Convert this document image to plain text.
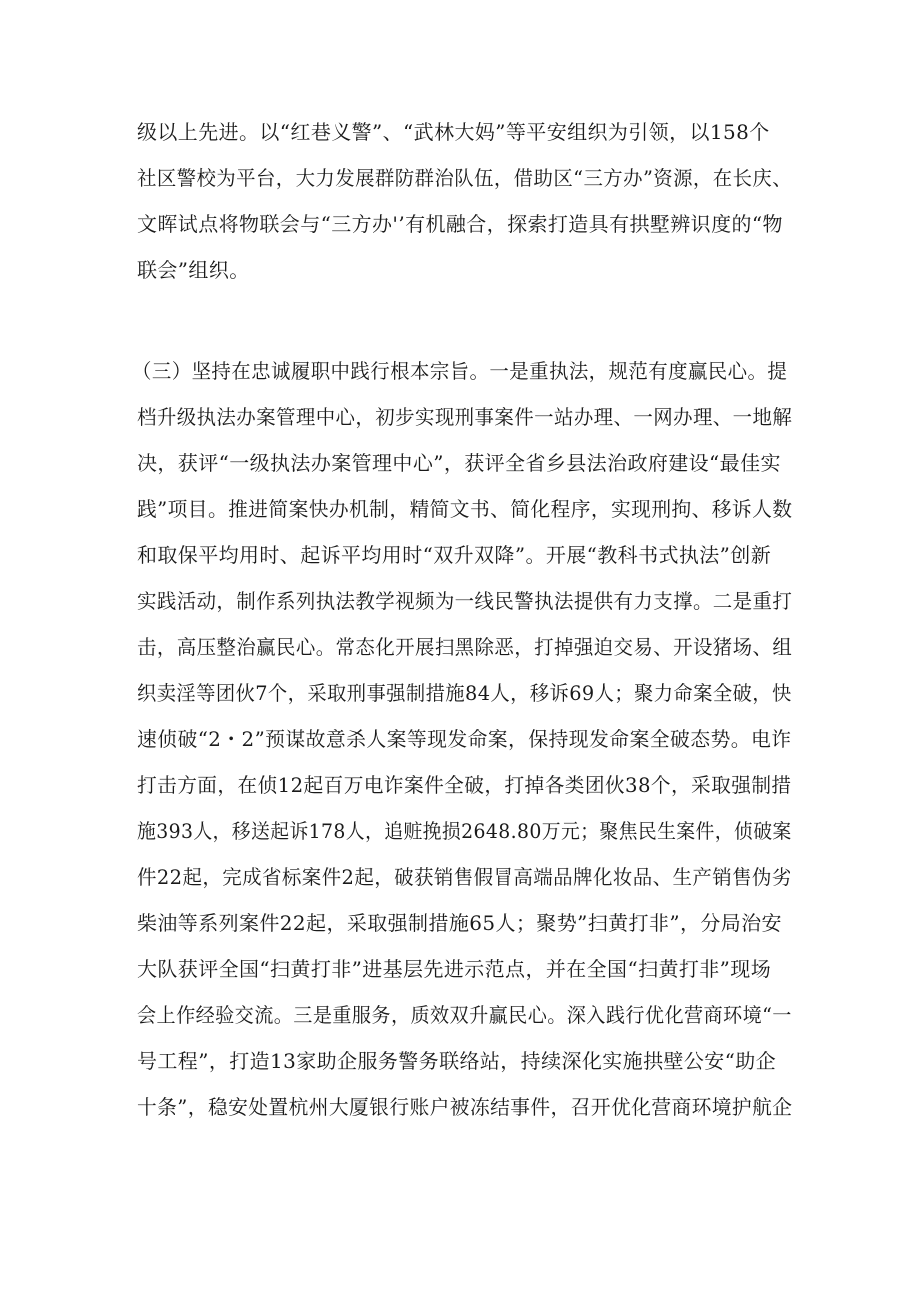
级以上先进。以“红巷义警”、“武林大妈”等平安组织为引领，以158个
社区警校为平台，大力发展群防群治队伍，借助区“三方办”资源，在长庆、
文晖试点将物联会与“三方办'’有机融合，探索打造具有拱墅辨识度的“物
联会”组织。
（三）坚持在忠诚履职中践行根本宗旨。一是重执法，规范有度赢民心。提
档升级执法办案管理中心，初步实现刑事案件一站办理、一网办理、一地解
决，获评“一级执法办案管理中心”，获评全省乡县法治政府建设“最佳实
践”项目。推进简案快办机制，精简文书、简化程序，实现刑拘、移诉人数
和取保平均用时、起诉平均用时“双升双降”。开展“教科书式执法”创新
实践活动，制作系列执法教学视频为一线民警执法提供有力支撑。二是重打
击，高压整治赢民心。常态化开展扫黑除恶，打掉强迫交易、开设猪场、组
织卖淫等团伙7个，采取刑事强制措施84人，移诉69人；聚力命案全破，快
速侦破“2・2”预谋故意杀人案等现发命案，保持现发命案全破态势。电诈
打击方面，在侦12起百万电诈案件全破，打掉各类团伙38个，采取强制措
施393人，移送起诉178人，追赃挽损2648.80万元；聚焦民生案件，侦破案
件22起，完成省标案件2起，破获销售假冒高端品牌化妆品、生产销售伪劣
柴油等系列案件22起，采取强制措施65人；聚势”扫黄打非”，分局治安
大队获评全国“扫黄打非”进基层先进示范点，并在全国“扫黄打非”现场
会上作经验交流。三是重服务，质效双升赢民心。深入践行优化营商环境“一
号工程”，打造13家助企服务警务联络站，持续深化实施拱壁公安“助企
十条”，稳安处置杭州大厦银行账户被冻结事件，召开优化营商环境护航企
